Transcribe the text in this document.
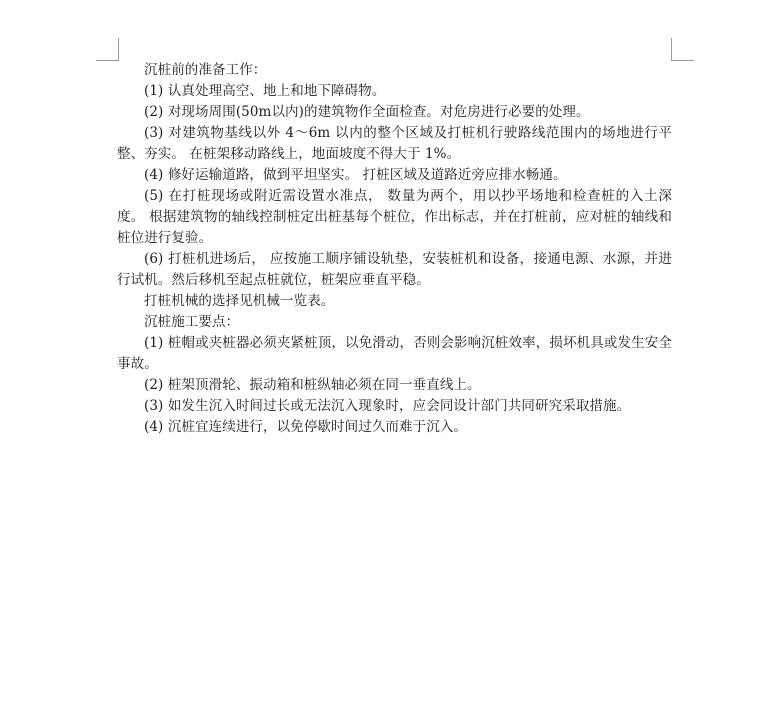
沉桩前的准备工作：

(1) 认真处理高空、地上和地下障碍物。

(2) 对现场周围(50m以内)的建筑物作全面检查。对危房进行必要的处理。

(3) 对建筑物基线以外 4～6m 以内的整个区域及打桩机行驶路线范围内的场地进行平整、夯实。 在桩架移动路线上，地面坡度不得大于 1%。

(4) 修好运输道路，做到平坦坚实。 打桩区域及道路近旁应排水畅通。

(5) 在打桩现场或附近需设置水准点， 数量为两个，用以抄平场地和检查桩的入土深度。 根据建筑物的轴线控制桩定出桩基每个桩位，作出标志，并在打桩前，应对桩的轴线和桩位进行复验。

(6) 打桩机进场后， 应按施工顺序铺设轨垫，安装桩机和设备，接通电源、水源，并进行试机。然后移机至起点桩就位，桩架应垂直平稳。

打桩机械的选择见机械一览表。

沉桩施工要点：

(1) 桩帽或夹桩器必须夹紧桩顶，以免滑动，否则会影响沉桩效率，损坏机具或发生安全事故。

(2) 桩架顶滑轮、振动箱和桩纵轴必须在同一垂直线上。

(3) 如发生沉入时间过长或无法沉入现象时，应会同设计部门共同研究采取措施。

(4) 沉桩宜连续进行，以免停歇时间过久而难于沉入。
